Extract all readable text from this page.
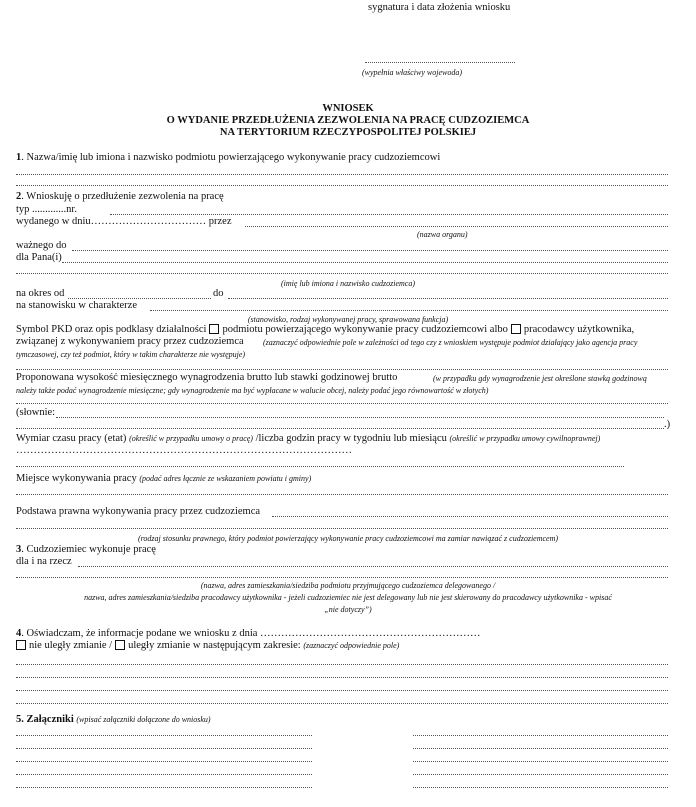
sygnatura i data złożenia wniosku
(wypełnia właściwy wojewoda)
WNIOSEK
O WYDANIE PRZEDŁUŻENIA ZEZWOLENIA NA PRACĘ CUDZOZIEMCA
NA TERYTORIUM RZECZYPOSPOLITEJ POLSKIEJ
1. Nazwa/imię lub imiona i nazwisko podmiotu powierzającego wykonywanie pracy cudzoziemcowi
2. Wnioskuję o przedłużenie zezwolenia na pracę
typ .............nr.
wydanego w dniu…………………………… przez
(nazwa organu)
ważnego do
dla Pana(i)
(imię lub imiona i nazwisko cudzoziemca)
na okres od	do
na stanowisku w charakterze
(stanowisko, rodzaj wykonywanej pracy, sprawowana funkcja)
Symbol PKD oraz opis podklasy działalności podmiotu powierzającego wykonywanie pracy cudzoziemcowi albo pracodawcy użytkownika,
związanej z wykonywaniem pracy przez cudzoziemca	(zaznaczyć odpowiednie pole w zależności od tego czy z wnioskiem występuje podmiot działający jako agencja pracy tymczasowej, czy też podmiot, który w takim charakterze nie występuje)
Proponowana wysokość miesięcznego wynagrodzenia brutto lub stawki godzinowej brutto	(w przypadku gdy wynagrodzenie jest określone stawką godzinową należy także podać wynagrodzenie miesięczne; gdy wynagrodzenie ma być wypłacane w walucie obcej, należy podać jego równowartość w złotych)
(słownie:
.)
Wymiar czasu pracy (etat) (określić w przypadku umowy o pracę) /liczba godzin pracy w tygodniu lub miesiącu (określić w przypadku umowy cywilnoprawnej)
……………………………………………………………………………………
Miejsce wykonywania pracy (podać adres łącznie ze wskazaniem powiatu i gminy)
Podstawa prawna wykonywania pracy przez cudzoziemca
(rodzaj stosunku prawnego, który podmiot powierzający wykonywanie pracy cudzoziemcowi ma zamiar nawiązać z cudzoziemcem)
3. Cudzoziemiec wykonuje pracę
dla i na rzecz
(nazwa, adres zamieszkania/siedziba podmiotu przyjmującego cudzoziemca delegowanego /
nazwa, adres zamieszkania/siedziba pracodawcy użytkownika - jeżeli cudzoziemiec nie jest delegowany lub nie jest skierowany do pracodawcy użytkownika - wpisać
„nie dotyczy”)
4. Oświadczam, że informacje podane we wniosku z dnia ………………………………………………………
nie uległy zmianie / uległy zmianie w następującym zakresie: (zaznaczyć odpowiednie pole)
5. Załączniki (wpisać załączniki dołączone do wniosku)
